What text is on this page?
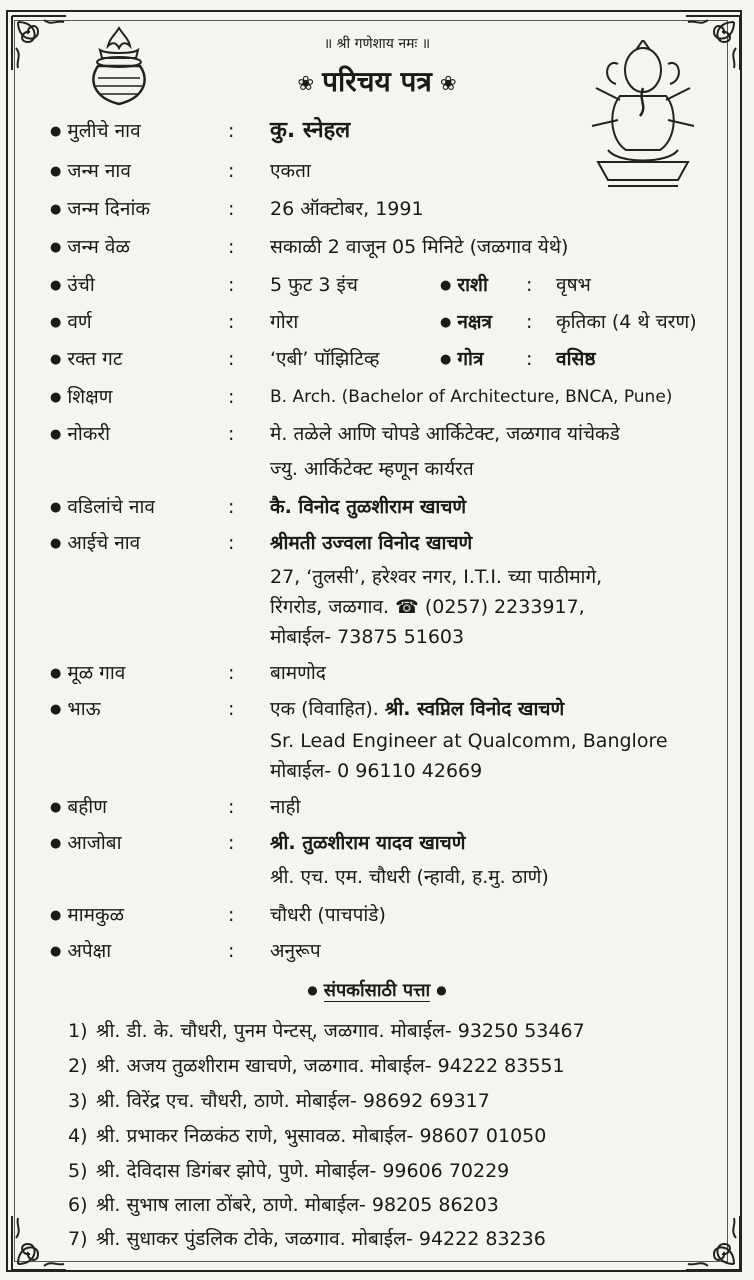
॥ श्री गणेशाय नमः ॥
❀ परिचय पत्र ❀
● मुलीचे नाव	: कु. स्नेहल
● जन्म नाव	: एकता
● जन्म दिनांक	: 26 ऑक्टोबर, 1991
● जन्म वेळ	: सकाळी 2 वाजून 05 मिनिटे (जळगाव येथे)
● उंची	: 5 फुट 3 इंच	● राशी : वृषभ
● वर्ण	: गोरा	● नक्षत्र : कृतिका (4 थे चरण)
● रक्त गट	: ‘एबी’ पॉझिटिव्ह	● गोत्र : वसिष्ठ
● शिक्षण	: B. Arch. (Bachelor of Architecture, BNCA, Pune)
● नोकरी	: मे. तळेले आणि चोपडे आर्किटेक्ट, जळगाव यांचेकडे
ज्यु. आर्किटेक्ट म्हणून कार्यरत
● वडिलांचे नाव	: कै. विनोद तुळशीराम खाचणे
● आईचे नाव	: श्रीमती उज्वला विनोद खाचणे
27, ‘तुलसी’, हरेश्वर नगर, I.T.I. च्या पाठीमागे,
रिंगरोड, जळगाव. ☎ (0257) 2233917,
मोबाईल- 73875 51603
● मूळ गाव	: बामणोद
● भाऊ	: एक (विवाहित). श्री. स्वप्निल विनोद खाचणे
Sr. Lead Engineer at Qualcomm, Banglore
मोबाईल- 0 96110 42669
● बहीण	: नाही
● आजोबा	: श्री. तुळशीराम यादव खाचणे
श्री. एच. एम. चौधरी (न्हावी, ह.मु. ठाणे)
● मामकुळ	: चौधरी (पाचपांडे)
● अपेक्षा	: अनुरूप
● संपर्कासाठी पत्ता ●
1) श्री. डी. के. चौधरी, पुनम पेन्टस्, जळगाव. मोबाईल- 93250 53467
2) श्री. अजय तुळशीराम खाचणे, जळगाव. मोबाईल- 94222 83551
3) श्री. विरेंद्र एच. चौधरी, ठाणे. मोबाईल- 98692 69317
4) श्री. प्रभाकर निळकंठ राणे, भुसावळ. मोबाईल- 98607 01050
5) श्री. देविदास डिगंबर झोपे, पुणे. मोबाईल- 99606 70229
6) श्री. सुभाष लाला ठोंबरे, ठाणे. मोबाईल- 98205 86203
7) श्री. सुधाकर पुंडलिक टोके, जळगाव. मोबाईल- 94222 83236
